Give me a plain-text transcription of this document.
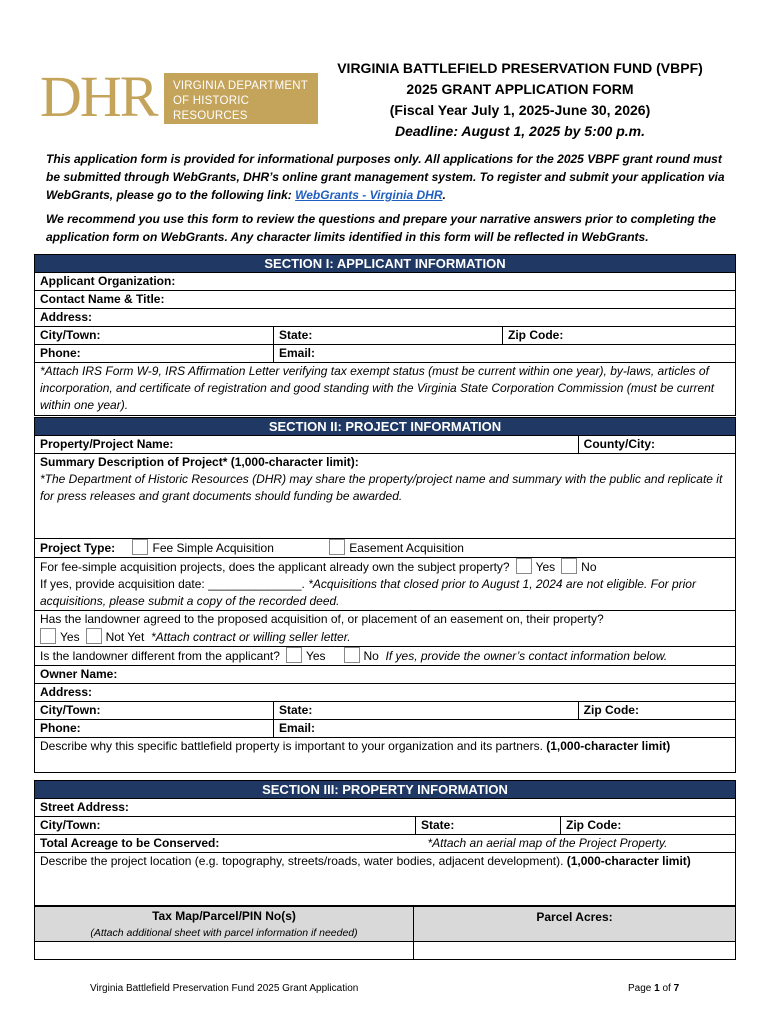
DHR VIRGINIA DEPARTMENT
OF HISTORIC RESOURCES
VIRGINIA BATTLEFIELD PRESERVATION FUND (VBPF)
2025 GRANT APPLICATION FORM
(Fiscal Year July 1, 2025-June 30, 2026)
Deadline: August 1, 2025 by 5:00 p.m.
This application form is provided for informational purposes only. All applications for the 2025 VBPF grant round must be submitted through WebGrants, DHR’s online grant management system. To register and submit your application via WebGrants, please go to the following link: WebGrants - Virginia DHR.
We recommend you use this form to review the questions and prepare your narrative answers prior to completing the application form on WebGrants. Any character limits identified in this form will be reflected in WebGrants.
SECTION I: APPLICANT INFORMATION		
Applicant Organization:		
Contact Name & Title:		
Address:		
City/Town:	State:	Zip Code:
Phone:	Email:	
*Attach IRS Form W-9, IRS Affirmation Letter verifying tax exempt status (must be current within one year), by-laws, articles of incorporation, and certificate of registration and good standing with the Virginia State Corporation Commission (must be current within one year).		
SECTION II: PROJECT INFORMATION		
Property/Project Name:		County/City:

Summary Description of Project* (1,000-character limit):
*The Department of Historic Resources (DHR) may share the property/project name and summary with the public and replicate it for press releases and grant documents should funding be awarded.		

Project Type: Fee Simple Acquisition Easement Acquisition		
For fee-simple acquisition projects, does the applicant already own the subject property? Yes No
If yes, provide acquisition date: ______________. *Acquisitions that closed prior to August 1, 2024 are not eligible. For prior acquisitions, please submit a copy of the recorded deed.		
Has the landowner agreed to the proposed acquisition of, or placement of an easement on, their property?
Yes Not Yet *Attach contract or willing seller letter.		
Is the landowner different from the applicant? Yes No If yes, provide the owner’s contact information below.		
Owner Name:		
Address:		
City/Town:	State:	Zip Code:
Phone:	Email:	
Describe why this specific battlefield property is important to your organization and its partners. (1,000-character limit)		
SECTION III: PROPERTY INFORMATION
Street Address:
City/Town:	State:	Zip Code:
Total Acreage to be Conserved:	*Attach an aerial map of the Project Property.

Describe the project location (e.g. topography, streets/roads, water bodies, adjacent development). (1,000-character limit)
Tax Map/Parcel/PIN No(s)
(Attach additional sheet with parcel information if needed)	Parcel Acres:

Virginia Battlefield Preservation Fund 2025 Grant Application	Page 1 of 7
